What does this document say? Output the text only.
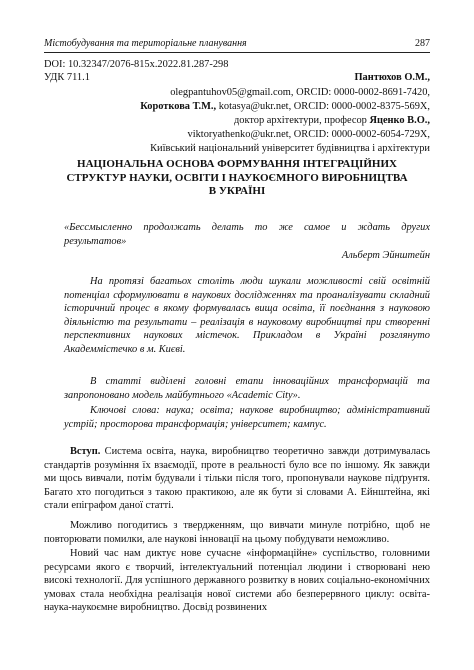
Містобудування та територіальне планування	287
DOI: 10.32347/2076-815x.2022.81.287-298
УДК 711.1	Пантюхов О.М.,
olegpantuhov05@gmail.com, ORCID: 0000-0002-8691-7420,
Короткова Т.М., kotasya@ukr.net, ORCID: 0000-0002-8375-569X,
доктор архітектури, професор Яценко В.О.,
viktoryathenko@ukr.net, ORCID: 0000-0002-6054-729X,
Київський національний університет будівництва і архітектури
НАЦІОНАЛЬНА ОСНОВА ФОРМУВАННЯ ІНТЕГРАЦІЙНИХ
СТРУКТУР НАУКИ, ОСВІТИ І НАУКОЄМНОГО ВИРОБНИЦТВА
В УКРАЇНІ
«Бессмысленно продолжать делать то же самое и ждать других
результатов»
Альберт Эйнштейн
На протязі багатьох століть люди шукали можливості свій освітній потенціал сформулювати в наукових дослідженнях та проаналізувати складний історичний процес в якому формувалась вища освіта, її поєднання з науковою діяльністю та результати – реалізація в науковому виробництві при створенні перспективних наукових містечок. Прикладом в Україні розглянуто Академмістечко в м. Києві.
В статті виділені головні етапи інноваційних трансформацій та запропоновано модель майбутнього «Academic City».
Ключові слова: наука; освіта; наукове виробництво; адміністративний устрій; просторова трансформація; університет; кампус.
Вступ. Система освіта, наука, виробництво теоретично завжди дотримувалась стандартів розуміння їх взаємодії, проте в реальності було все по іншому. Як завжди ми щось вивчали, потім будували і тільки після того, пропонували наукове підґрунтя. Багато хто погодиться з такою практикою, але як бути зі словами А. Ейнштейна, які стали епіграфом даної статті.
Можливо погодитись з твердженням, що вивчати минуле потрібно, щоб не повторювати помилки, але наукові інновації на цьому побудувати неможливо.
Новий час нам диктує нове сучасне «інформаційне» суспільство, головними ресурсами якого є творчий, інтелектуальний потенціал людини і створювані нею високі технології. Для успішного державного розвитку в нових соціально-економічних умовах стала необхідна реалізація нової системи або безперервного циклу: освіта-наука-наукоємне виробництво. Досвід розвинених
